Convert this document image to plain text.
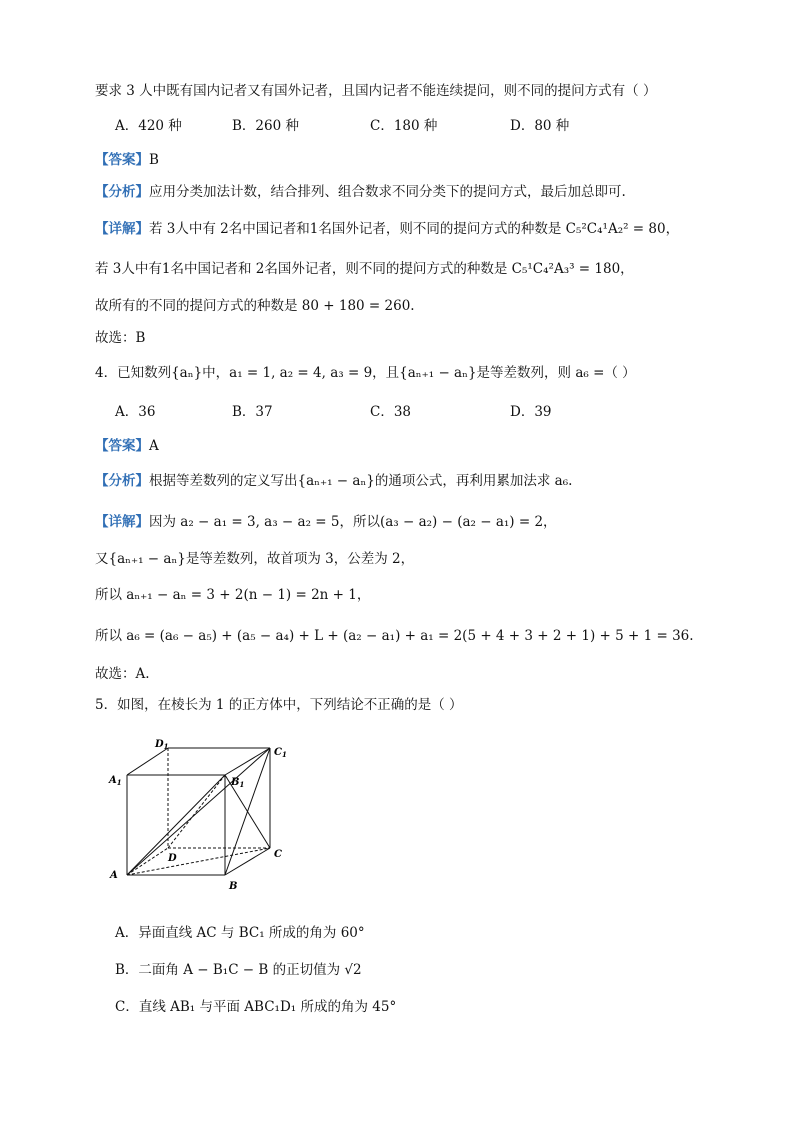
要求 3 人中既有国内记者又有国外记者，且国内记者不能连续提问，则不同的提问方式有（ ）
A．420 种	B．260 种	C．180 种	D．80 种
【答案】B
【分析】应用分类加法计数，结合排列、组合数求不同分类下的提问方式，最后加总即可.
【详解】若 3人中有 2名中国记者和1名国外记者，则不同的提问方式的种数是 C₅²C₄¹A₂² = 80，
若 3人中有1名中国记者和 2名国外记者，则不同的提问方式的种数是 C₅¹C₄²A₃³ = 180，
故所有的不同的提问方式的种数是 80 + 180 = 260.
故选：B
4．已知数列{aₙ}中，a₁ = 1, a₂ = 4, a₃ = 9，且{aₙ₊₁ − aₙ}是等差数列，则 a₆ =（ ）
A．36	B．37	C．38	D．39
【答案】A
【分析】根据等差数列的定义写出{aₙ₊₁ − aₙ}的通项公式，再利用累加法求 a₆.
【详解】因为 a₂ − a₁ = 3, a₃ − a₂ = 5，所以(a₃ − a₂) − (a₂ − a₁) = 2，
又{aₙ₊₁ − aₙ}是等差数列，故首项为 3，公差为 2，
所以 aₙ₊₁ − aₙ = 3 + 2(n − 1) = 2n + 1，
所以 a₆ = (a₆ − a₅) + (a₅ − a₄) + L + (a₂ − a₁) + a₁ = 2(5 + 4 + 3 + 2 + 1) + 5 + 1 = 36.
故选：A.
5．如图，在棱长为 1 的正方体中，下列结论不正确的是（ ）
$D_1$
$C_1$
$A_1$	$B_1$
D	C
A
B
A．异面直线 AC 与 BC₁ 所成的角为 60°
B．二面角 A − B₁C − B 的正切值为 √2
C．直线 AB₁ 与平面 ABC₁D₁ 所成的角为 45°
